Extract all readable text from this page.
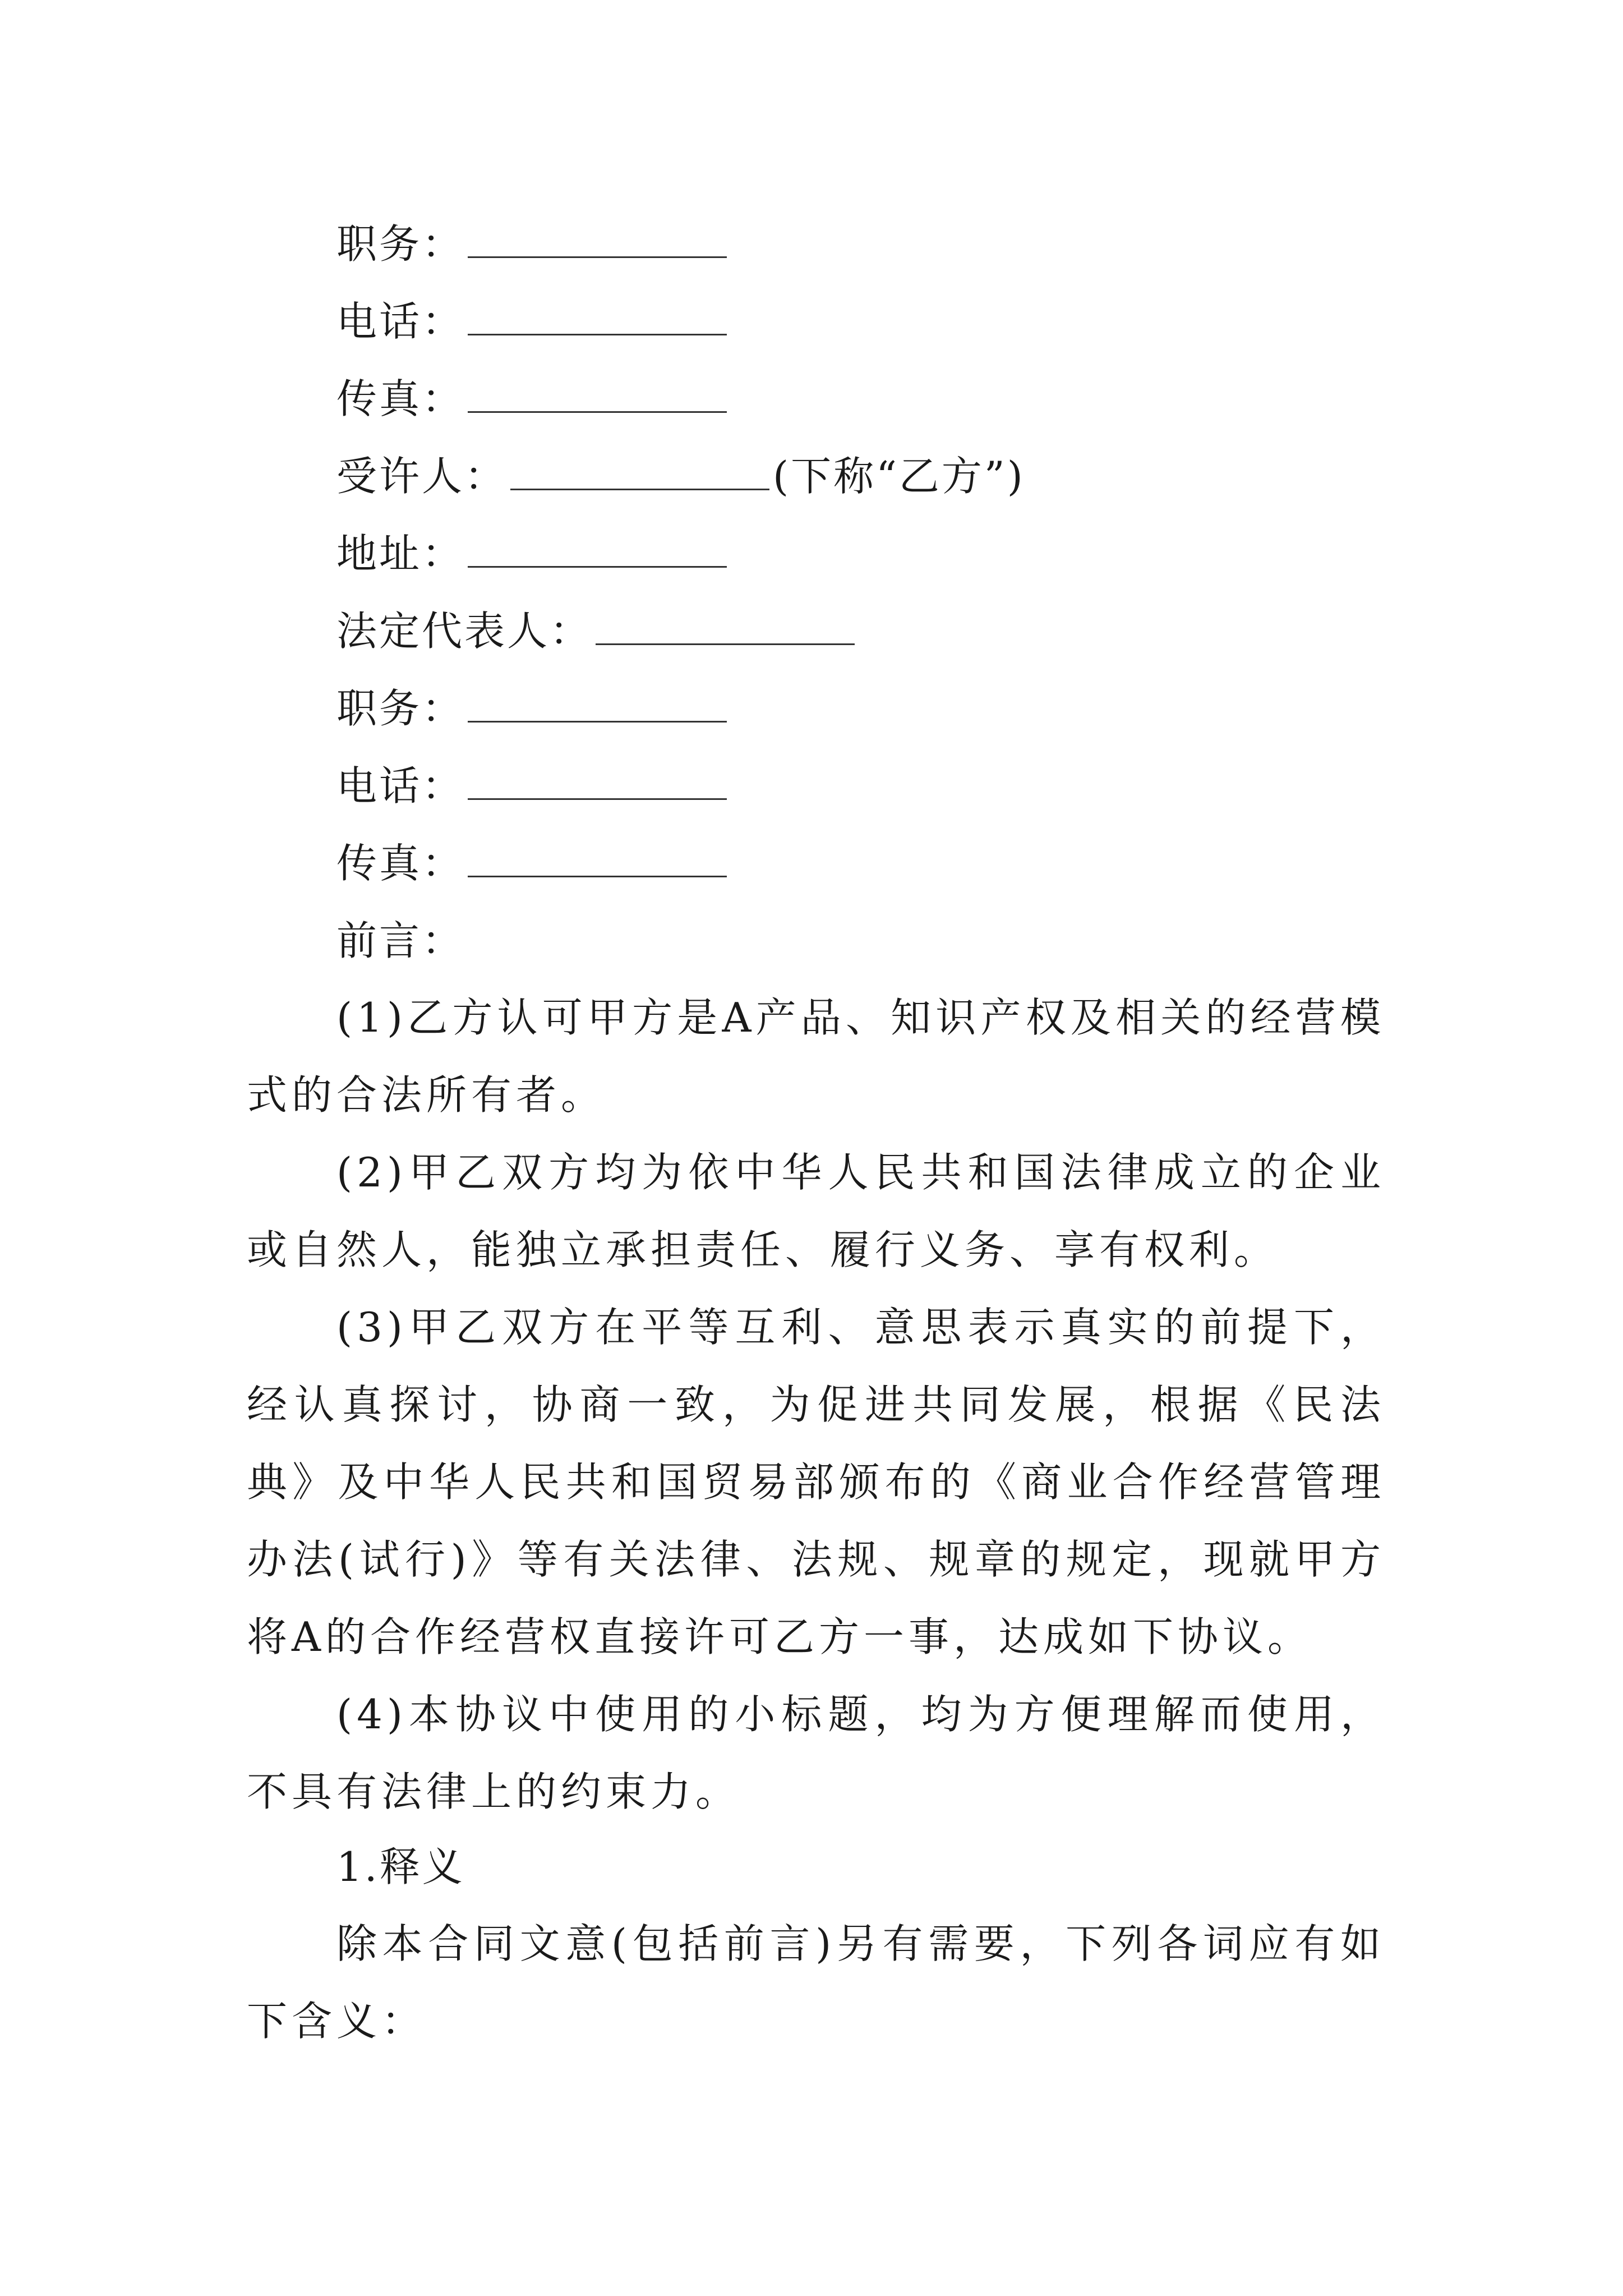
职务：
电话：
传真：
受许人：	(下称“乙方”)
地址：
法定代表人：
职务：
电话：
传真：
前言：

(1)乙方认可甲方是A产品、知识产权及相关的经营模式的合法所有者。

(2)甲乙双方均为依中华人民共和国法律成立的企业或自然人，能独立承担责任、履行义务、享有权利。

(3)甲乙双方在平等互利、意思表示真实的前提下，经认真探讨，协商一致，为促进共同发展，根据《民法典》及中华人民共和国贸易部颁布的《商业合作经营管理办法(试行)》等有关法律、法规、规章的规定，现就甲方将A的合作经营权直接许可乙方一事，达成如下协议。

(4)本协议中使用的小标题，均为方便理解而使用，不具有法律上的约束力。

1.释义

除本合同文意(包括前言)另有需要，下列各词应有如下含义：
